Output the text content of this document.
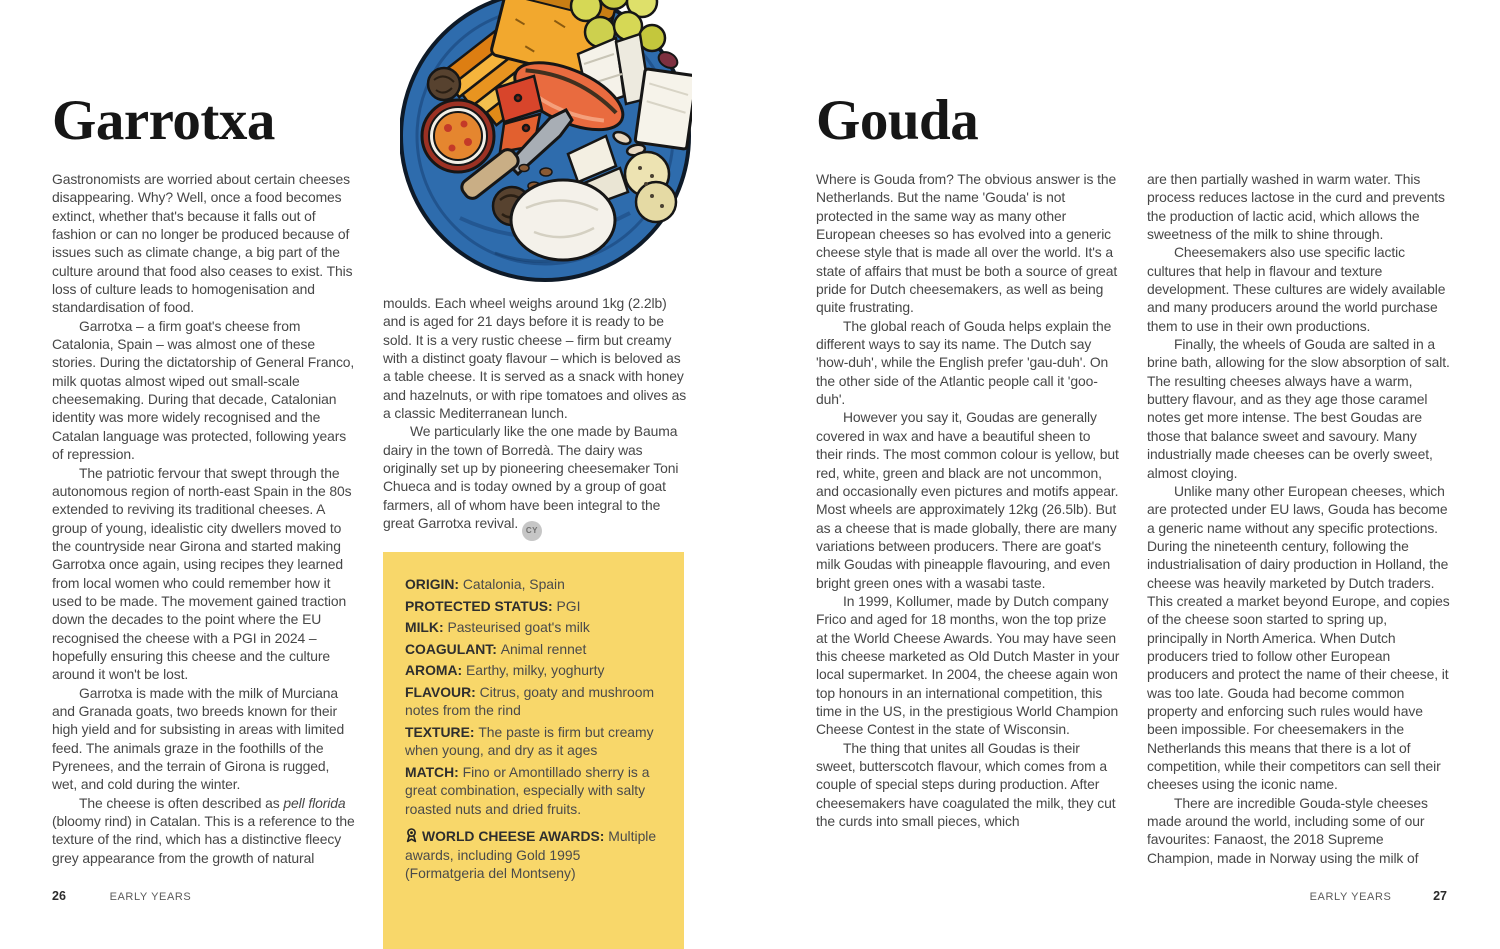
Garrotxa

Gastronomists are worried about certain cheeses disappearing. Why? Well, once a food becomes extinct, whether that's because it falls out of fashion or can no longer be produced because of issues such as climate change, a big part of the culture around that food also ceases to exist. This loss of culture leads to homogenisation and standardisation of food.

Garrotxa – a firm goat's cheese from Catalonia, Spain – was almost one of these stories. During the dictatorship of General Franco, milk quotas almost wiped out small-scale cheesemaking. During that decade, Catalonian identity was more widely recognised and the Catalan language was protected, following years of repression.

The patriotic fervour that swept through the autonomous region of north-east Spain in the 80s extended to reviving its traditional cheeses. A group of young, idealistic city dwellers moved to the countryside near Girona and started making Garrotxa once again, using recipes they learned from local women who could remember how it used to be made. The movement gained traction down the decades to the point where the EU recognised the cheese with a PGI in 2024 – hopefully ensuring this cheese and the culture around it won't be lost.

Garrotxa is made with the milk of Murciana and Granada goats, two breeds known for their high yield and for subsisting in areas with limited feed. The animals graze in the foothills of the Pyrenees, and the terrain of Girona is rugged, wet, and cold during the winter.

The cheese is often described as pell florida (bloomy rind) in Catalan. This is a reference to the texture of the rind, which has a distinctive fleecy grey appearance from the growth of natural

moulds. Each wheel weighs around 1kg (2.2lb) and is aged for 21 days before it is ready to be sold. It is a very rustic cheese – firm but creamy with a distinct goaty flavour – which is beloved as a table cheese. It is served as a snack with honey and hazelnuts, or with ripe tomatoes and olives as a classic Mediterranean lunch.

We particularly like the one made by Bauma dairy in the town of Borredà. The dairy was originally set up by pioneering cheesemaker Toni Chueca and is today owned by a group of goat farmers, all of whom have been integral to the great Garrotxa revival. CY

ORIGIN: Catalonia, Spain
PROTECTED STATUS: PGI
MILK: Pasteurised goat's milk
COAGULANT: Animal rennet
AROMA: Earthy, milky, yoghurty
FLAVOUR: Citrus, goaty and mushroom notes from the rind
TEXTURE: The paste is firm but creamy when young, and dry as it ages
MATCH: Fino or Amontillado sherry is a great combination, especially with salty roasted nuts and dried fruits.
WORLD CHEESE AWARDS: Multiple awards, including Gold 1995 (Formatgeria del Montseny)
26	EARLY YEARS
Gouda

Where is Gouda from? The obvious answer is the Netherlands. But the name 'Gouda' is not protected in the same way as many other European cheeses so has evolved into a generic cheese style that is made all over the world. It's a state of affairs that must be both a source of great pride for Dutch cheesemakers, as well as being quite frustrating.

The global reach of Gouda helps explain the different ways to say its name. The Dutch say 'how-duh', while the English prefer 'gau-duh'. On the other side of the Atlantic people call it 'goo-duh'.

However you say it, Goudas are generally covered in wax and have a beautiful sheen to their rinds. The most common colour is yellow, but red, white, green and black are not uncommon, and occasionally even pictures and motifs appear. Most wheels are approximately 12kg (26.5lb). But as a cheese that is made globally, there are many variations between producers. There are goat's milk Goudas with pineapple flavouring, and even bright green ones with a wasabi taste.

In 1999, Kollumer, made by Dutch company Frico and aged for 18 months, won the top prize at the World Cheese Awards. You may have seen this cheese marketed as Old Dutch Master in your local supermarket. In 2004, the cheese again won top honours in an international competition, this time in the US, in the prestigious World Champion Cheese Contest in the state of Wisconsin.

The thing that unites all Goudas is their sweet, butterscotch flavour, which comes from a couple of special steps during production. After cheesemakers have coagulated the milk, they cut the curds into small pieces, which

are then partially washed in warm water. This process reduces lactose in the curd and prevents the production of lactic acid, which allows the sweetness of the milk to shine through.

Cheesemakers also use specific lactic cultures that help in flavour and texture development. These cultures are widely available and many producers around the world purchase them to use in their own productions.

Finally, the wheels of Gouda are salted in a brine bath, allowing for the slow absorption of salt. The resulting cheeses always have a warm, buttery flavour, and as they age those caramel notes get more intense. The best Goudas are those that balance sweet and savoury. Many industrially made cheeses can be overly sweet, almost cloying.

Unlike many other European cheeses, which are protected under EU laws, Gouda has become a generic name without any specific protections. During the nineteenth century, following the industrialisation of dairy production in Holland, the cheese was heavily marketed by Dutch traders. This created a market beyond Europe, and copies of the cheese soon started to spring up, principally in North America. When Dutch producers tried to follow other European producers and protect the name of their cheese, it was too late. Gouda had become common property and enforcing such rules would have been impossible. For cheesemakers in the Netherlands this means that there is a lot of competition, while their competitors can sell their cheeses using the iconic name.

There are incredible Gouda-style cheeses made around the world, including some of our favourites: Fanaost, the 2018 Supreme Champion, made in Norway using the milk of

EARLY YEARS	27
